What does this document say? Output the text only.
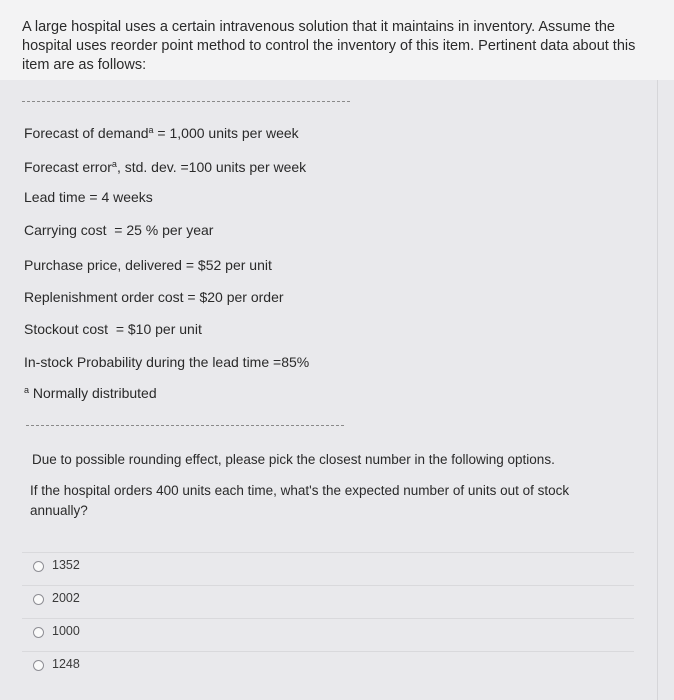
A large hospital uses a certain intravenous solution that it maintains in inventory. Assume the hospital uses reorder point method to control the inventory of this item. Pertinent data about this item are as follows:
Forecast of demand$^a$ = 1,000 units per week
Forecast error$^a$, std. dev. =100 units per week
Lead time = 4 weeks
Carrying cost  = 25 % per year
Purchase price, delivered = $52 per unit
Replenishment order cost = $20 per order
Stockout cost  = $10 per unit
In-stock Probability during the lead time =85%
$^a$ Normally distributed
Due to possible rounding effect, please pick the closest number in the following options.
If the hospital orders 400 units each time, what's the expected number of units out of stock annually?
1352
2002
1000
1248
